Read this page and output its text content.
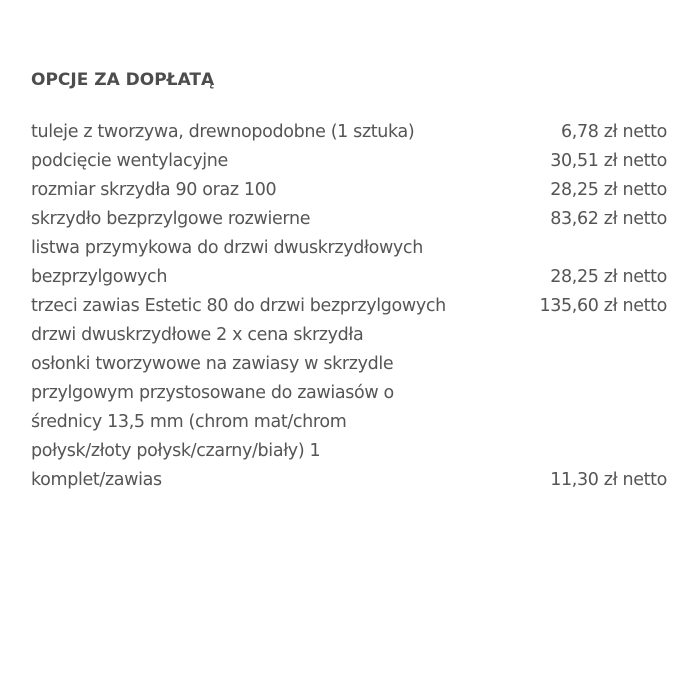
OPCJE ZA DOPŁATĄ
tuleje z tworzywa, drewnopodobne (1 sztuka)	6,78 zł netto
podcięcie wentylacyjne	30,51 zł netto
rozmiar skrzydła 90 oraz 100	28,25 zł netto
skrzydło bezprzylgowe rozwierne	83,62 zł netto
listwa przymykowa do drzwi dwuskrzydłowych
bezprzylgowych	28,25 zł netto
trzeci zawias Estetic 80 do drzwi bezprzylgowych	135,60 zł netto
drzwi dwuskrzydłowe 2 x cena skrzydła
osłonki tworzywowe na zawiasy w skrzydle
przylgowym przystosowane do zawiasów o
średnicy 13,5 mm (chrom mat/chrom
połysk/złoty połysk/czarny/biały) 1
komplet/zawias	11,30 zł netto
